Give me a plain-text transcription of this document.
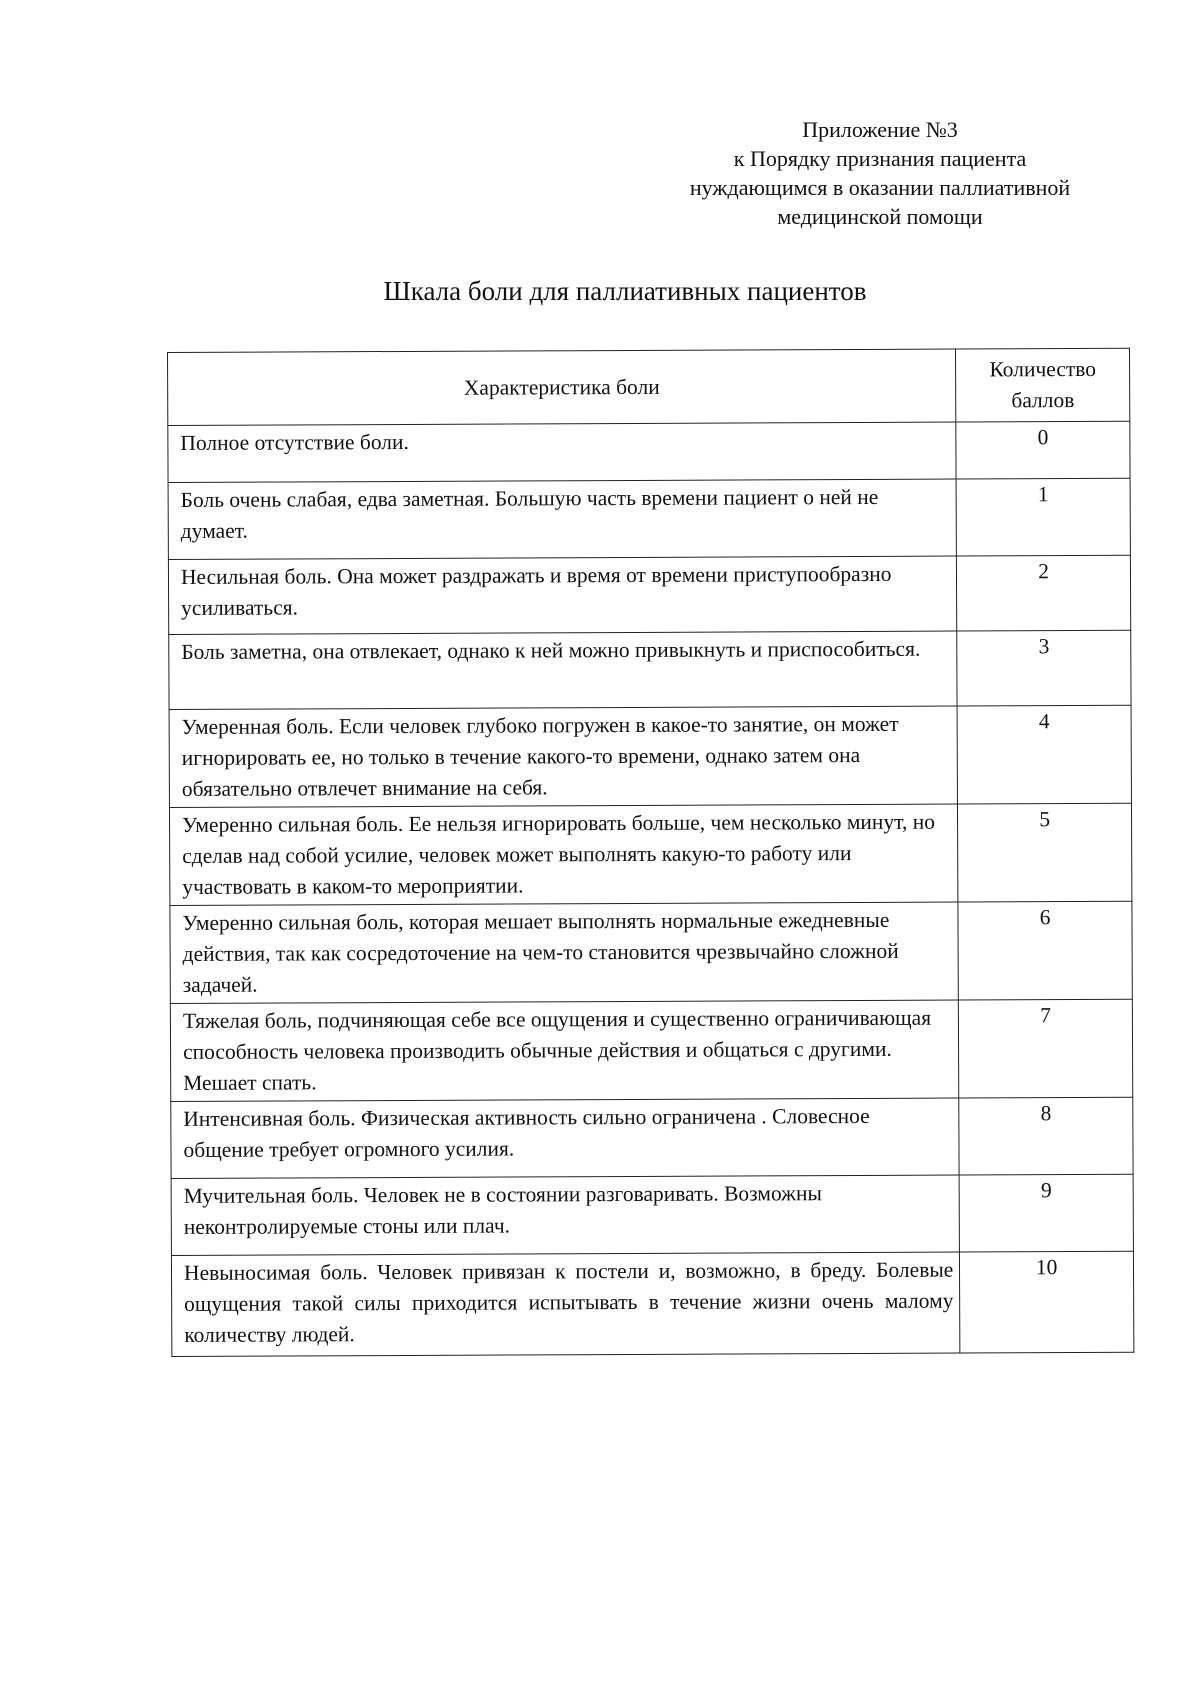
Приложение №3
к Порядку признания пациента
нуждающимся в оказании паллиативной
медицинской помощи
Шкала боли для паллиативных пациентов
Характеристика боли	Количество баллов
Полное отсутствие боли.	0
Боль очень слабая, едва заметная. Большую часть времени пациент о ней не думает.	1
Несильная боль. Она может раздражать и время от времени приступообразно усиливаться.	2
Боль заметна, она отвлекает, однако к ней можно привыкнуть и приспособиться.	3
Умеренная боль. Если человек глубоко погружен в какое-то занятие, он может игнорировать ее, но только в течение какого-то времени, однако затем она обязательно отвлечет внимание на себя.	4
Умеренно сильная боль. Ее нельзя игнорировать больше, чем несколько минут, но сделав над собой усилие, человек может выполнять какую-то работу или участвовать в каком-то мероприятии.	5
Умеренно сильная боль, которая мешает выполнять нормальные ежедневные действия, так как сосредоточение на чем-то становится чрезвычайно сложной задачей.	6
Тяжелая боль, подчиняющая себе все ощущения и существенно ограничивающая способность человека производить обычные действия и общаться с другими. Мешает спать.	7
Интенсивная боль. Физическая активность сильно ограничена . Словесное общение требует огромного усилия.	8
Мучительная боль. Человек не в состоянии разговаривать. Возможны неконтролируемые стоны или плач.	9
Невыносимая боль. Человек привязан к постели и, возможно, в бреду. Болевые ощущения такой силы приходится испытывать в течение жизни очень малому количеству людей.	10
